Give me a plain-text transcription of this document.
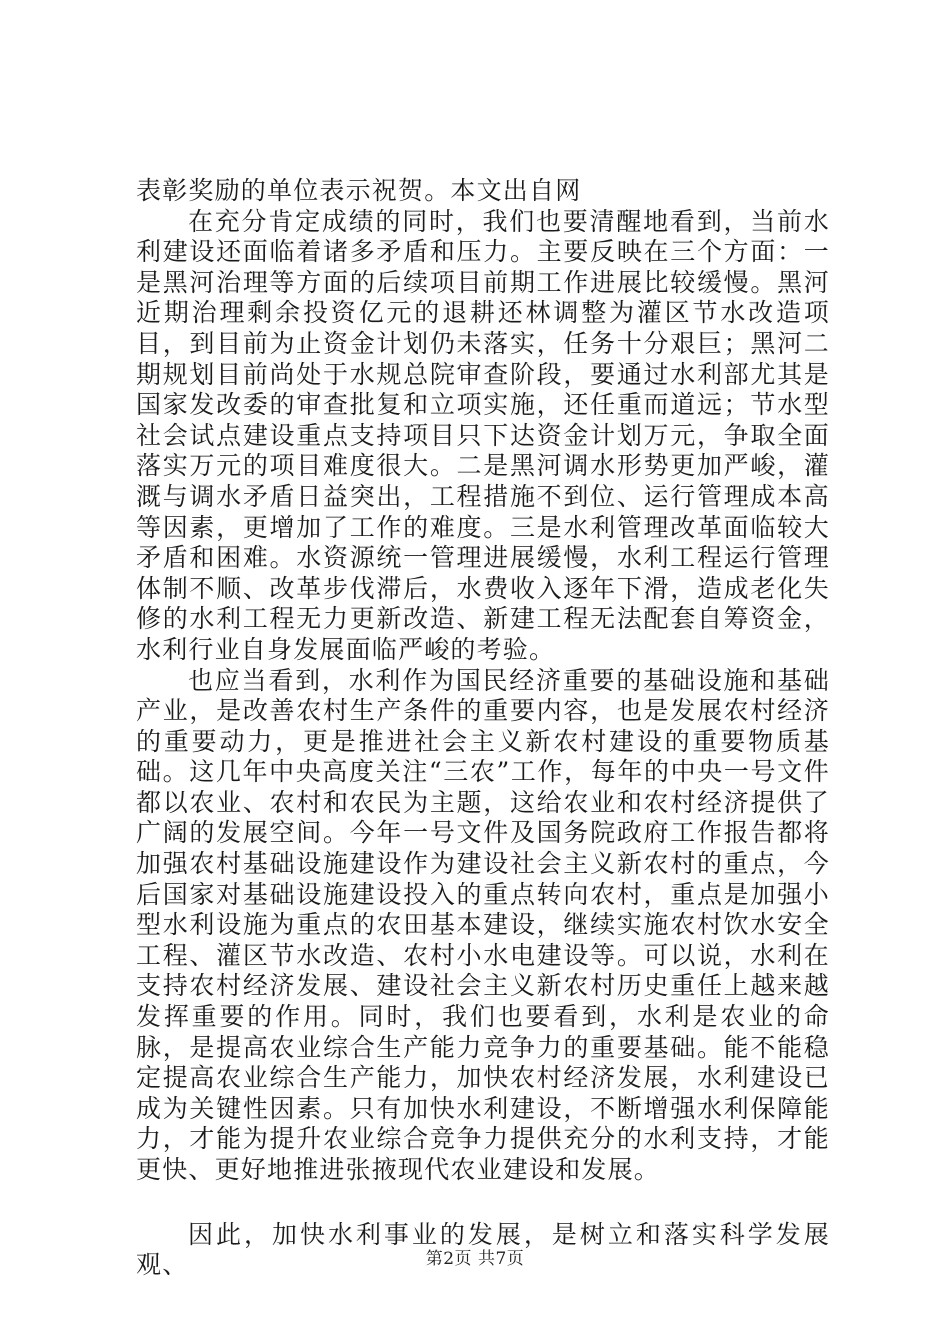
表彰奖励的单位表示祝贺。本文出自网

在充分肯定成绩的同时，我们也要清醒地看到，当前水利建设还面临着诸多矛盾和压力。主要反映在三个方面：一是黑河治理等方面的后续项目前期工作进展比较缓慢。黑河近期治理剩余投资亿元的退耕还林调整为灌区节水改造项目，到目前为止资金计划仍未落实，任务十分艰巨；黑河二期规划目前尚处于水规总院审查阶段，要通过水利部尤其是国家发改委的审查批复和立项实施，还任重而道远；节水型社会试点建设重点支持项目只下达资金计划万元，争取全面落实万元的项目难度很大。二是黑河调水形势更加严峻，灌溉与调水矛盾日益突出，工程措施不到位、运行管理成本高等因素，更增加了工作的难度。三是水利管理改革面临较大矛盾和困难。水资源统一管理进展缓慢，水利工程运行管理体制不顺、改革步伐滞后，水费收入逐年下滑，造成老化失修的水利工程无力更新改造、新建工程无法配套自筹资金，水利行业自身发展面临严峻的考验。

也应当看到，水利作为国民经济重要的基础设施和基础产业，是改善农村生产条件的重要内容，也是发展农村经济的重要动力，更是推进社会主义新农村建设的重要物质基础。这几年中央高度关注“三农”工作，每年的中央一号文件都以农业、农村和农民为主题，这给农业和农村经济提供了广阔的发展空间。今年一号文件及国务院政府工作报告都将加强农村基础设施建设作为建设社会主义新农村的重点，今后国家对基础设施建设投入的重点转向农村，重点是加强小型水利设施为重点的农田基本建设，继续实施农村饮水安全工程、灌区节水改造、农村小水电建设等。可以说，水利在支持农村经济发展、建设社会主义新农村历史重任上越来越发挥重要的作用。同时，我们也要看到，水利是农业的命脉，是提高农业综合生产能力竞争力的重要基础。能不能稳定提高农业综合生产能力，加快农村经济发展，水利建设已成为关键性因素。只有加快水利建设，不断增强水利保障能力，才能为提升农业综合竞争力提供充分的水利支持，才能更快、更好地推进张掖现代农业建设和发展。

因此，加快水利事业的发展，是树立和落实科学发展观、	第2页 共7页
